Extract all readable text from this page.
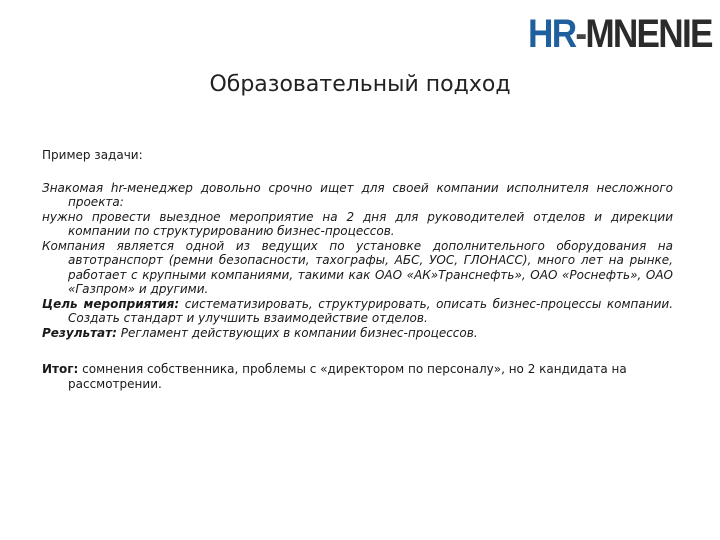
HR-MNENIE
Образовательный подход

Пример задачи:

Знакомая hr-менеджер довольно срочно ищет для своей компании исполнителя несложного проекта:

нужно провести выездное мероприятие на 2 дня для руководителей отделов и дирекции компании по структурированию бизнес-процессов.

Компания является одной из ведущих по установке дополнительного оборудования на автотранспорт (ремни безопасности, тахографы, АБС, УОС, ГЛОНАСС), много лет на рынке, работает с крупными компаниями, такими как ОАО «АК»Транснефть», ОАО «Роснефть», ОАО «Газпром» и другими.

Цель мероприятия: систематизировать, структурировать, описать бизнес-процессы компании. Создать стандарт и улучшить взаимодействие отделов.

Результат: Регламент действующих в компании бизнес-процессов.

Итог: сомнения собственника, проблемы с «директором по персоналу», но 2 кандидата на рассмотрении.
